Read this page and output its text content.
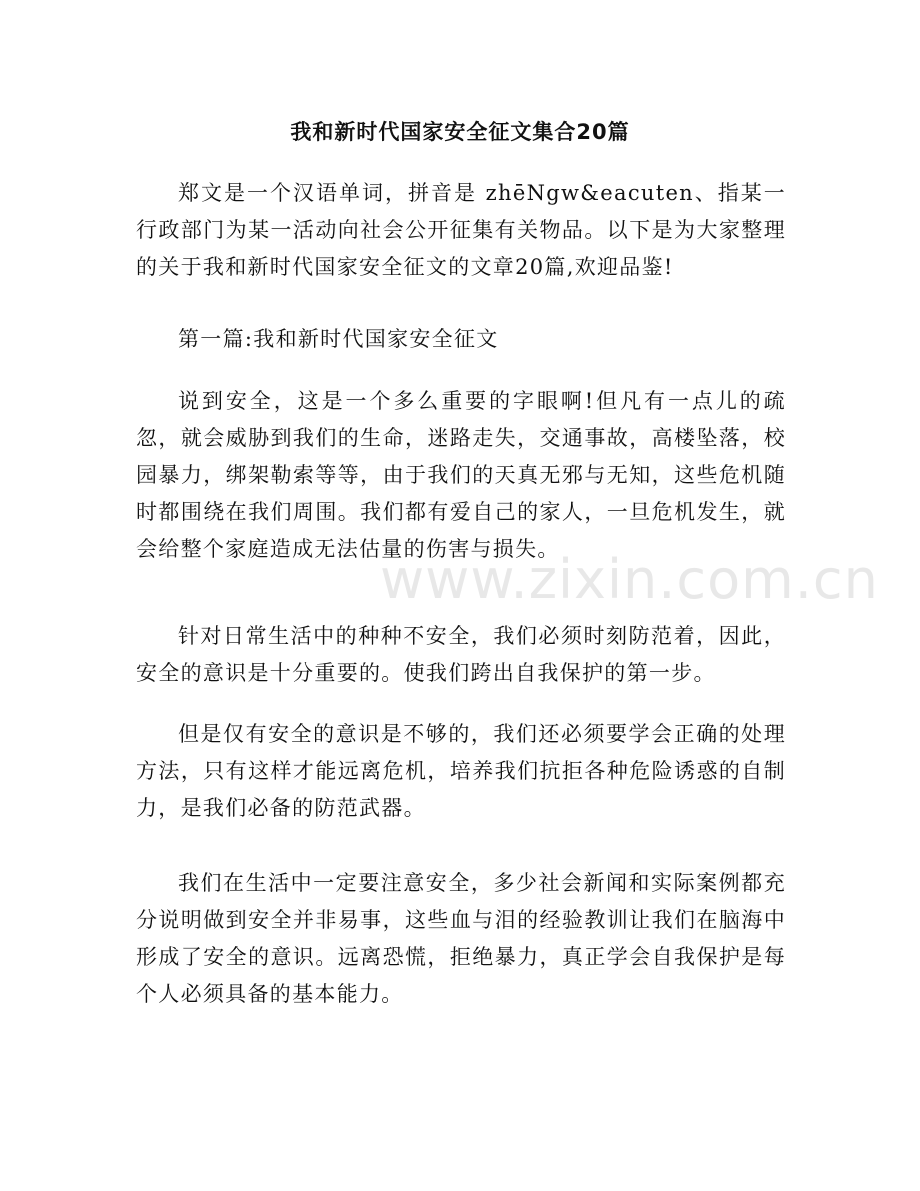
www.zixin.com.cn
我和新时代国家安全征文集合20篇

郑文是一个汉语单词，拼音是 zhēNgw&eacuten、指某一行政部门为某一活动向社会公开征集有关物品。以下是为大家整理的关于我和新时代国家安全征文的文章20篇,欢迎品鉴!

第一篇:我和新时代国家安全征文

说到安全，这是一个多么重要的字眼啊!但凡有一点儿的疏忽，就会威胁到我们的生命，迷路走失，交通事故，高楼坠落，校园暴力，绑架勒索等等，由于我们的天真无邪与无知，这些危机随时都围绕在我们周围。我们都有爱自己的家人，一旦危机发生，就会给整个家庭造成无法估量的伤害与损失。

针对日常生活中的种种不安全，我们必须时刻防范着，因此，安全的意识是十分重要的。使我们跨出自我保护的第一步。

但是仅有安全的意识是不够的，我们还必须要学会正确的处理方法，只有这样才能远离危机，培养我们抗拒各种危险诱惑的自制力，是我们必备的防范武器。

我们在生活中一定要注意安全，多少社会新闻和实际案例都充分说明做到安全并非易事，这些血与泪的经验教训让我们在脑海中形成了安全的意识。远离恐慌，拒绝暴力，真正学会自我保护是每个人必须具备的基本能力。
